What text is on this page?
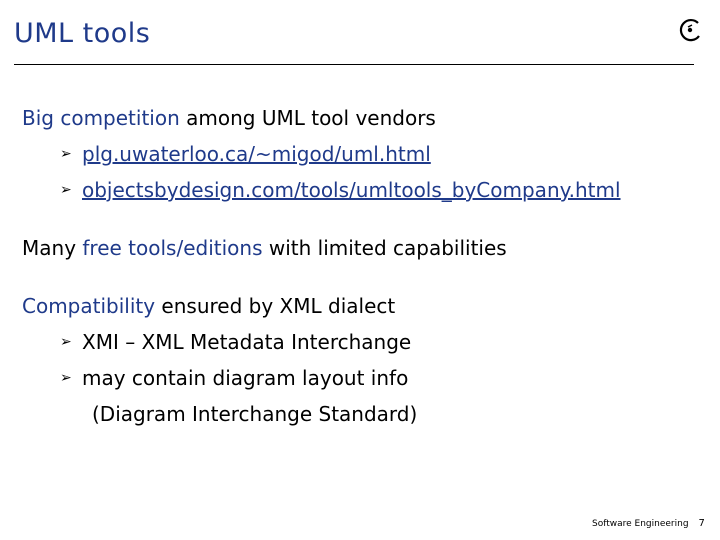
UML tools
Big competition among UML tool vendors
➢ plg.uwaterloo.ca/~migod/uml.html
➢ objectsbydesign.com/tools/umltools_byCompany.html
Many free tools/editions with limited capabilities
Compatibility ensured by XML dialect
➢ XMI – XML Metadata Interchange
➢ may contain diagram layout info
(Diagram Interchange Standard)
Software Engineering 7
